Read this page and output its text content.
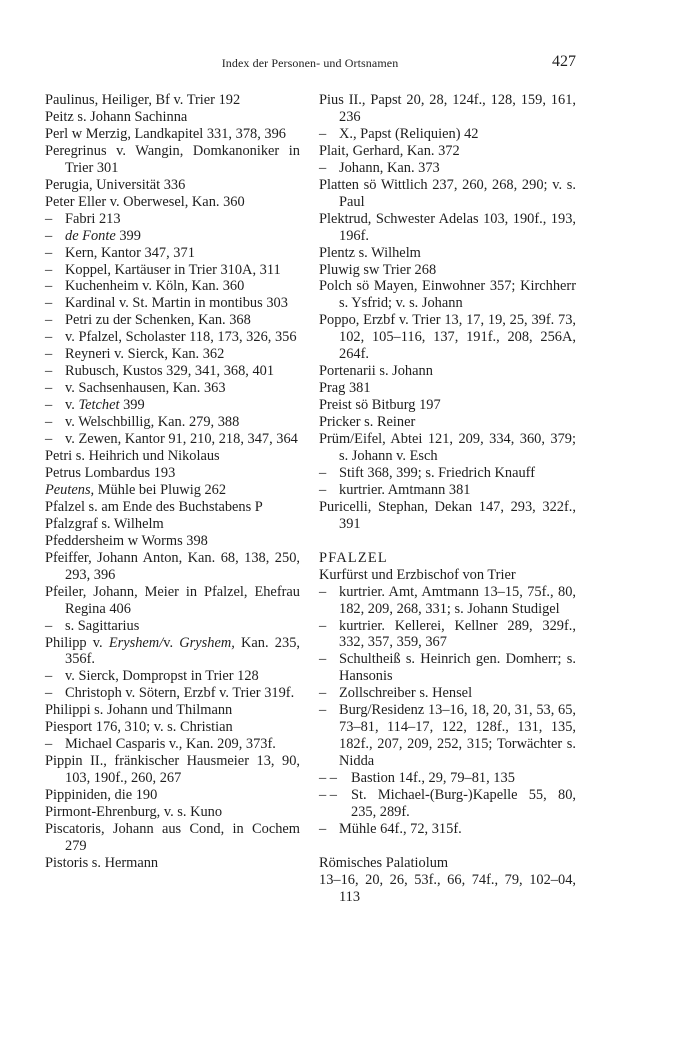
Index der Personen- und Ortsnamen	427

Paulinus, Heiliger, Bf v. Trier 192

Peitz s. Johann Sachinna

Perl w Merzig, Landkapitel 331, 378, 396

Peregrinus v. Wangin, Domkanoniker in Trier 301

Perugia, Universität 336

Peter Eller v. Oberwesel, Kan. 360

– Fabri 213

– de Fonte 399

– Kern, Kantor 347, 371

– Koppel, Kartäuser in Trier 310A, 311

– Kuchenheim v. Köln, Kan. 360

– Kardinal v. St. Martin in montibus 303

– Petri zu der Schenken, Kan. 368

– v. Pfalzel, Scholaster 118, 173, 326, 356

– Reyneri v. Sierck, Kan. 362

– Rubusch, Kustos 329, 341, 368, 401

– v. Sachsenhausen, Kan. 363

– v. Tetchet 399

– v. Welschbillig, Kan. 279, 388

– v. Zewen, Kantor 91, 210, 218, 347, 364

Petri s. Heihrich und Nikolaus

Petrus Lombardus 193

Peutens, Mühle bei Pluwig 262

Pfalzel s. am Ende des Buchstabens P

Pfalzgraf s. Wilhelm

Pfeddersheim w Worms 398

Pfeiffer, Johann Anton, Kan. 68, 138, 250, 293, 396

Pfeiler, Johann, Meier in Pfalzel, Ehefrau Regina 406

– s. Sagittarius

Philipp v. Eryshem/v. Gryshem, Kan. 235, 356f.

– v. Sierck, Dompropst in Trier 128

– Christoph v. Sötern, Erzbf v. Trier 319f.

Philippi s. Johann und Thilmann

Piesport 176, 310; v. s. Christian

– Michael Casparis v., Kan. 209, 373f.

Pippin II., fränkischer Hausmeier 13, 90, 103, 190f., 260, 267

Pippiniden, die 190

Pirmont-Ehrenburg, v. s. Kuno

Piscatoris, Johann aus Cond, in Cochem 279

Pistoris s. Hermann

Pius II., Papst 20, 28, 124f., 128, 159, 161, 236

– X., Papst (Reliquien) 42

Plait, Gerhard, Kan. 372

– Johann, Kan. 373

Platten sö Wittlich 237, 260, 268, 290; v. s. Paul

Plektrud, Schwester Adelas 103, 190f., 193, 196f.

Plentz s. Wilhelm

Pluwig sw Trier 268

Polch sö Mayen, Einwohner 357; Kirchherr s. Ysfrid; v. s. Johann

Poppo, Erzbf v. Trier 13, 17, 19, 25, 39f. 73, 102, 105–116, 137, 191f., 208, 256A, 264f.

Portenarii s. Johann

Prag 381

Preist sö Bitburg 197

Pricker s. Reiner

Prüm/Eifel, Abtei 121, 209, 334, 360, 379; s. Johann v. Esch

– Stift 368, 399; s. Friedrich Knauff

– kurtrier. Amtmann 381

Puricelli, Stephan, Dekan 147, 293, 322f., 391

PFALZEL

Kurfürst und Erzbischof von Trier

– kurtrier. Amt, Amtmann 13–15, 75f., 80, 182, 209, 268, 331; s. Johann Studigel

– kurtrier. Kellerei, Kellner 289, 329f., 332, 357, 359, 367

– Schultheiß s. Heinrich gen. Domherr; s. Hansonis

– Zollschreiber s. Hensel

– Burg/Residenz 13–16, 18, 20, 31, 53, 65, 73–81, 114–17, 122, 128f., 131, 135, 182f., 207, 209, 252, 315; Torwächter s. Nidda

– – Bastion 14f., 29, 79–81, 135

– – St. Michael-(Burg-)Kapelle 55, 80, 235, 289f.

– Mühle 64f., 72, 315f.

Römisches Palatiolum

13–16, 20, 26, 53f., 66, 74f., 79, 102–04, 113
